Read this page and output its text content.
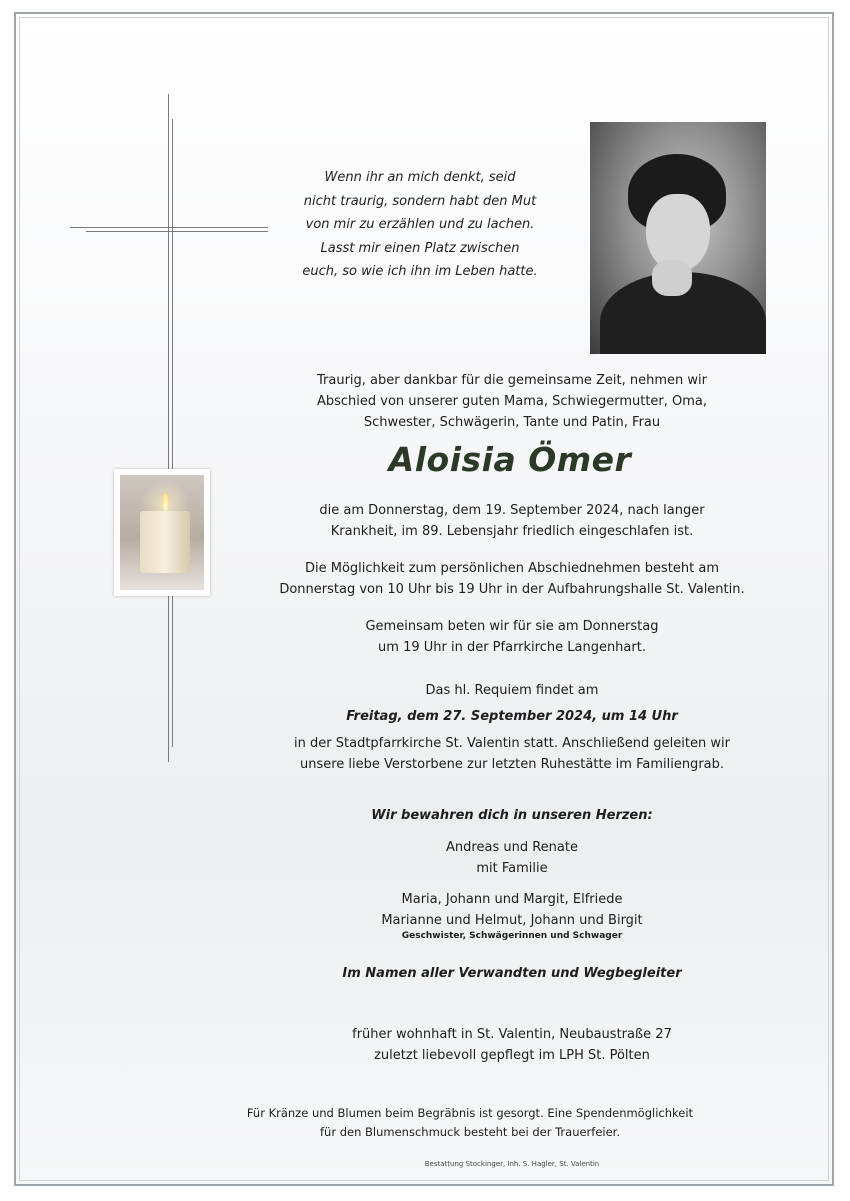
Wenn ihr an mich denkt, seid
nicht traurig, sondern habt den Mut
von mir zu erzählen und zu lachen.
Lasst mir einen Platz zwischen
euch, so wie ich ihn im Leben hatte.
Traurig, aber dankbar für die gemeinsame Zeit, nehmen wir
Abschied von unserer guten Mama, Schwiegermutter, Oma,
Schwester, Schwägerin, Tante und Patin, Frau
Aloisia Ömer
die am Donnerstag, dem 19. September 2024, nach langer
Krankheit, im 89. Lebensjahr friedlich eingeschlafen ist.
Die Möglichkeit zum persönlichen Abschiednehmen besteht am
Donnerstag von 10 Uhr bis 19 Uhr in der Aufbahrungshalle St. Valentin.
Gemeinsam beten wir für sie am Donnerstag
um 19 Uhr in der Pfarrkirche Langenhart.
Das hl. Requiem findet am
Freitag, dem 27. September 2024, um 14 Uhr
in der Stadtpfarrkirche St. Valentin statt. Anschließend geleiten wir
unsere liebe Verstorbene zur letzten Ruhestätte im Familiengrab.
Wir bewahren dich in unseren Herzen:
Andreas und Renate
mit Familie
Maria, Johann und Margit, Elfriede
Marianne und Helmut, Johann und Birgit
Geschwister, Schwägerinnen und Schwager
Im Namen aller Verwandten und Wegbegleiter
früher wohnhaft in St. Valentin, Neubaustraße 27
zuletzt liebevoll gepflegt im LPH St. Pölten
Für Kränze und Blumen beim Begräbnis ist gesorgt. Eine Spendenmöglichkeit
für den Blumenschmuck besteht bei der Trauerfeier.
Bestattung Stockinger, Inh. S. Hagler, St. Valentin
